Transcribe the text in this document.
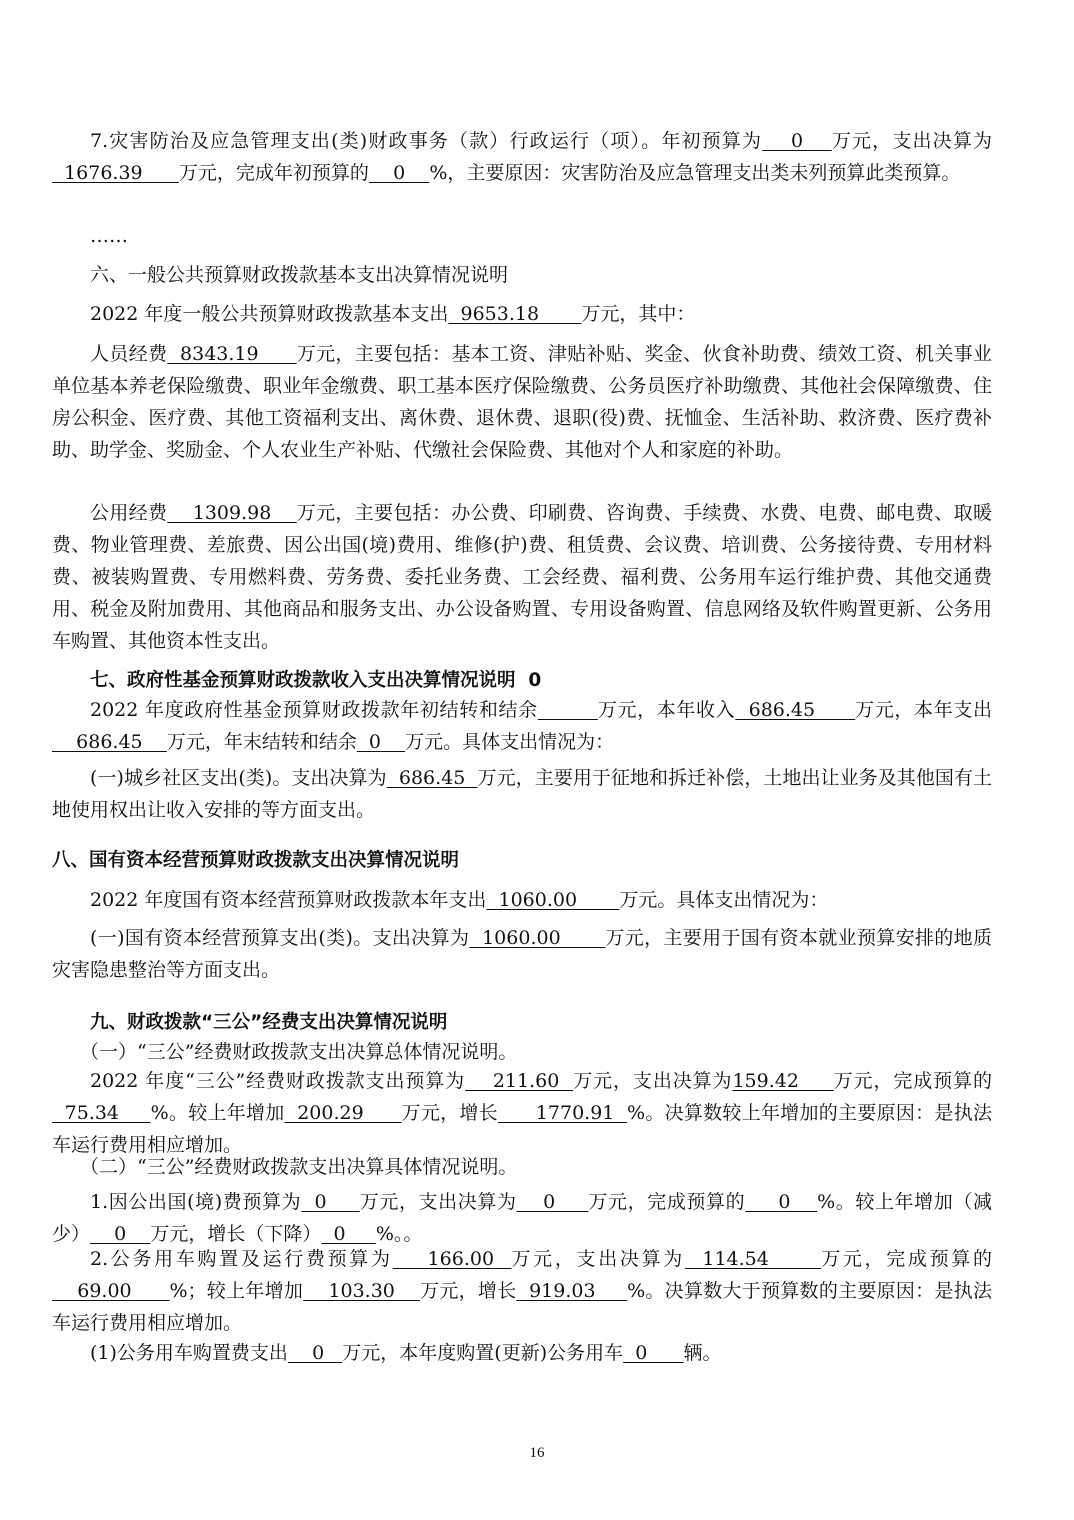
7.灾害防治及应急管理支出(类)财政事务（款）行政运行（项）。年初预算为    0    万元，支出决算为  1676.39      万元，完成年初预算的    0    %，主要原因：灾害防治及应急管理支出类未列预算此类预算。

……

六、一般公共预算财政拨款基本支出决算情况说明

2022 年度一般公共预算财政拨款基本支出  9653.18       万元，其中：

人员经费  8343.19      万元，主要包括：基本工资、津贴补贴、奖金、伙食补助费、绩效工资、机关事业单位基本养老保险缴费、职业年金缴费、职工基本医疗保险缴费、公务员医疗补助缴费、其他社会保障缴费、住房公积金、医疗费、其他工资福利支出、离休费、退休费、退职(役)费、抚恤金、生活补助、救济费、医疗费补助、助学金、奖励金、个人农业生产补贴、代缴社会保险费、其他对个人和家庭的补助。

公用经费    1309.98    万元，主要包括：办公费、印刷费、咨询费、手续费、水费、电费、邮电费、取暖费、物业管理费、差旅费、因公出国(境)费用、维修(护)费、租赁费、会议费、培训费、公务接待费、专用材料费、被装购置费、专用燃料费、劳务费、委托业务费、工会经费、福利费、公务用车运行维护费、其他交通费用、税金及附加费用、其他商品和服务支出、办公设备购置、专用设备购置、信息网络及软件购置更新、公务用车购置、其他资本性支出。

七、政府性基金预算财政拨款收入支出决算情况说明 0

2022 年度政府性基金预算财政拨款年初结转和结余	万元，本年收入  686.45      万元，本年支出    686.45    万元，年末结转和结余  0    万元。具体支出情况为：

(一)城乡社区支出(类)。支出决算为  686.45  万元，主要用于征地和拆迁补偿，土地出让业务及其他国有土地使用权出让收入安排的等方面支出。

八、国有资本经营预算财政拨款支出决算情况说明

2022 年度国有资本经营预算财政拨款本年支出  1060.00       万元。具体支出情况为：

(一)国有资本经营预算支出(类)。支出决算为  1060.00       万元，主要用于国有资本就业预算安排的地质灾害隐患整治等方面支出。

九、财政拨款“三公”经费支出决算情况说明

（一）“三公”经费财政拨款支出决算总体情况说明。

2022 年度“三公”经费财政拨款支出预算为    211.60  万元，支出决算为159.42     万元，完成预算的  75.34     %。较上年增加  200.29      万元，增长      1770.91  %。决算数较上年增加的主要原因：是执法车运行费用相应增加。

（二）“三公”经费财政拨款支出决算具体情况说明。

1.因公出国(境)费预算为  0     万元，支出决算为    0     万元，完成预算的     0    %。较上年增加（减少）    0    万元，增长（下降）  0     %。。

2.公务用车购置及运行费预算为    166.00  万元，支出决算为  114.54      万元，完成预算的    69.00      %；较上年增加    103.30    万元，增长  919.03     %。决算数大于预算数的主要原因：是执法车运行费用相应增加。

(1)公务用车购置费支出    0   万元，本年度购置(更新)公务用车  0      辆。

16
